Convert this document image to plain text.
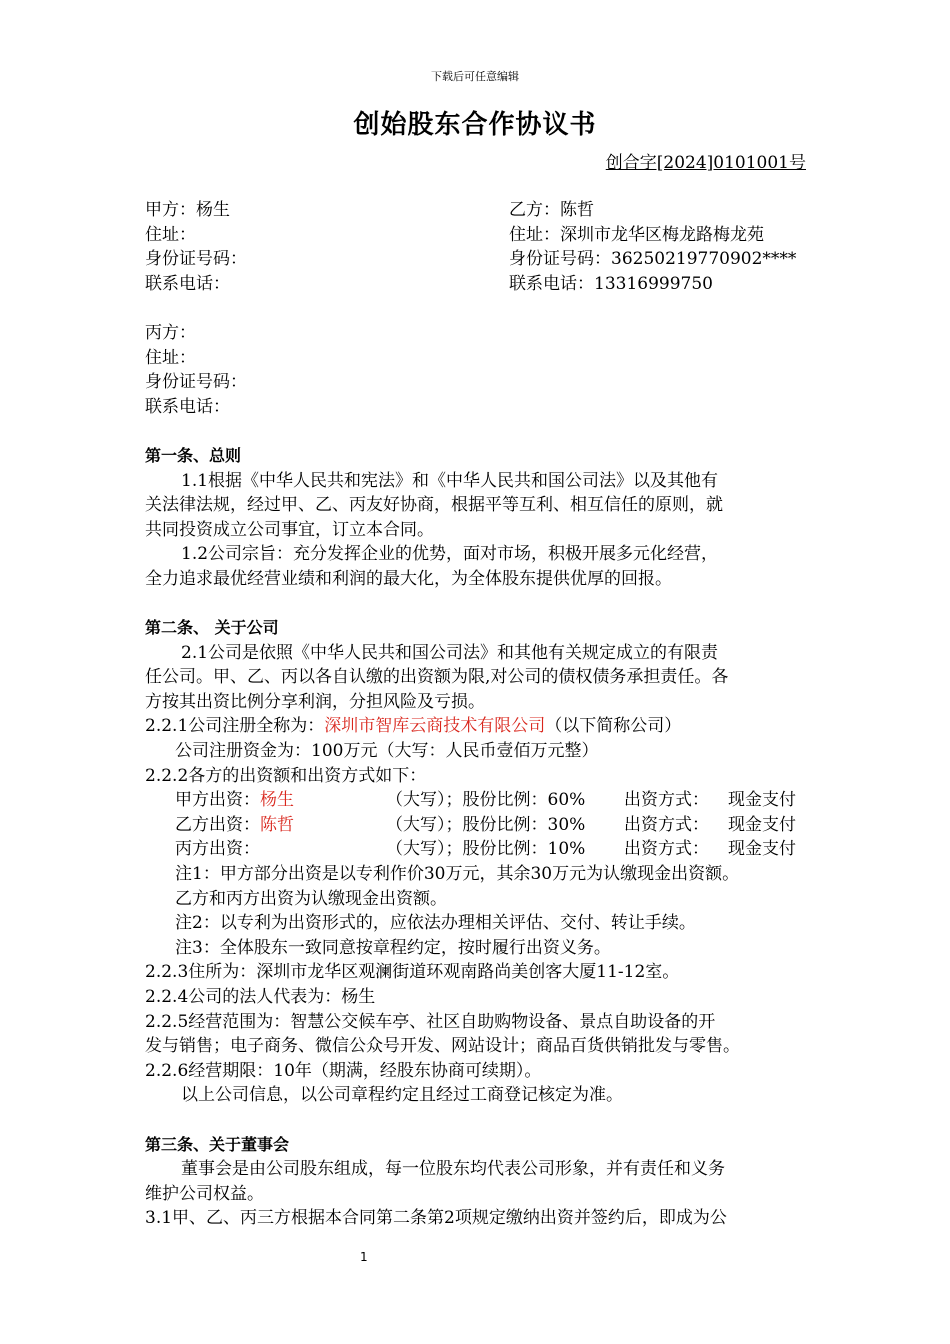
下载后可任意编辑
创始股东合作协议书
创合字[2024]0101001号
甲方：杨生	乙方：陈哲
住址：	住址：深圳市龙华区梅龙路梅龙苑
身份证号码：	身份证号码：36250219770902****
联系电话：	联系电话：13316999750
丙方：
住址：
身份证号码：
联系电话：
第一条、总则
1.1根据《中华人民共和宪法》和《中华人民共和国公司法》以及其他有
关法律法规，经过甲、乙、丙友好协商，根据平等互利、相互信任的原则，就
共同投资成立公司事宜，订立本合同。
1.2公司宗旨：充分发挥企业的优势，面对市场，积极开展多元化经营，
全力追求最优经营业绩和利润的最大化，为全体股东提供优厚的回报。
第二条、 关于公司
2.1公司是依照《中华人民共和国公司法》和其他有关规定成立的有限责
任公司。甲、乙、丙以各自认缴的出资额为限,对公司的债权债务承担责任。各
方按其出资比例分享利润，分担风险及亏损。
2.2.1公司注册全称为：深圳市智库云商技术有限公司（以下简称公司）
公司注册资金为：100万元（大写：人民币壹佰万元整）
2.2.2各方的出资额和出资方式如下：
甲方出资：杨生	（大写）；股份比例：60%	出资方式：	现金支付
乙方出资：陈哲	（大写）；股份比例：30%	出资方式：	现金支付
丙方出资：	（大写）；股份比例：10%	出资方式：	现金支付
注1：甲方部分出资是以专利作价30万元，其余30万元为认缴现金出资额。
乙方和丙方出资为认缴现金出资额。
注2：以专利为出资形式的，应依法办理相关评估、交付、转让手续。
注3：全体股东一致同意按章程约定，按时履行出资义务。
2.2.3住所为：深圳市龙华区观澜街道环观南路尚美创客大厦11-12室。
2.2.4公司的法人代表为：杨生
2.2.5经营范围为：智慧公交候车亭、社区自助购物设备、景点自助设备的开
发与销售；电子商务、微信公众号开发、网站设计；商品百货供销批发与零售。
2.2.6经营期限：10年（期满，经股东协商可续期）。
以上公司信息，以公司章程约定且经过工商登记核定为准。
第三条、关于董事会
董事会是由公司股东组成，每一位股东均代表公司形象，并有责任和义务
维护公司权益。
3.1甲、乙、丙三方根据本合同第二条第2项规定缴纳出资并签约后，即成为公
1
